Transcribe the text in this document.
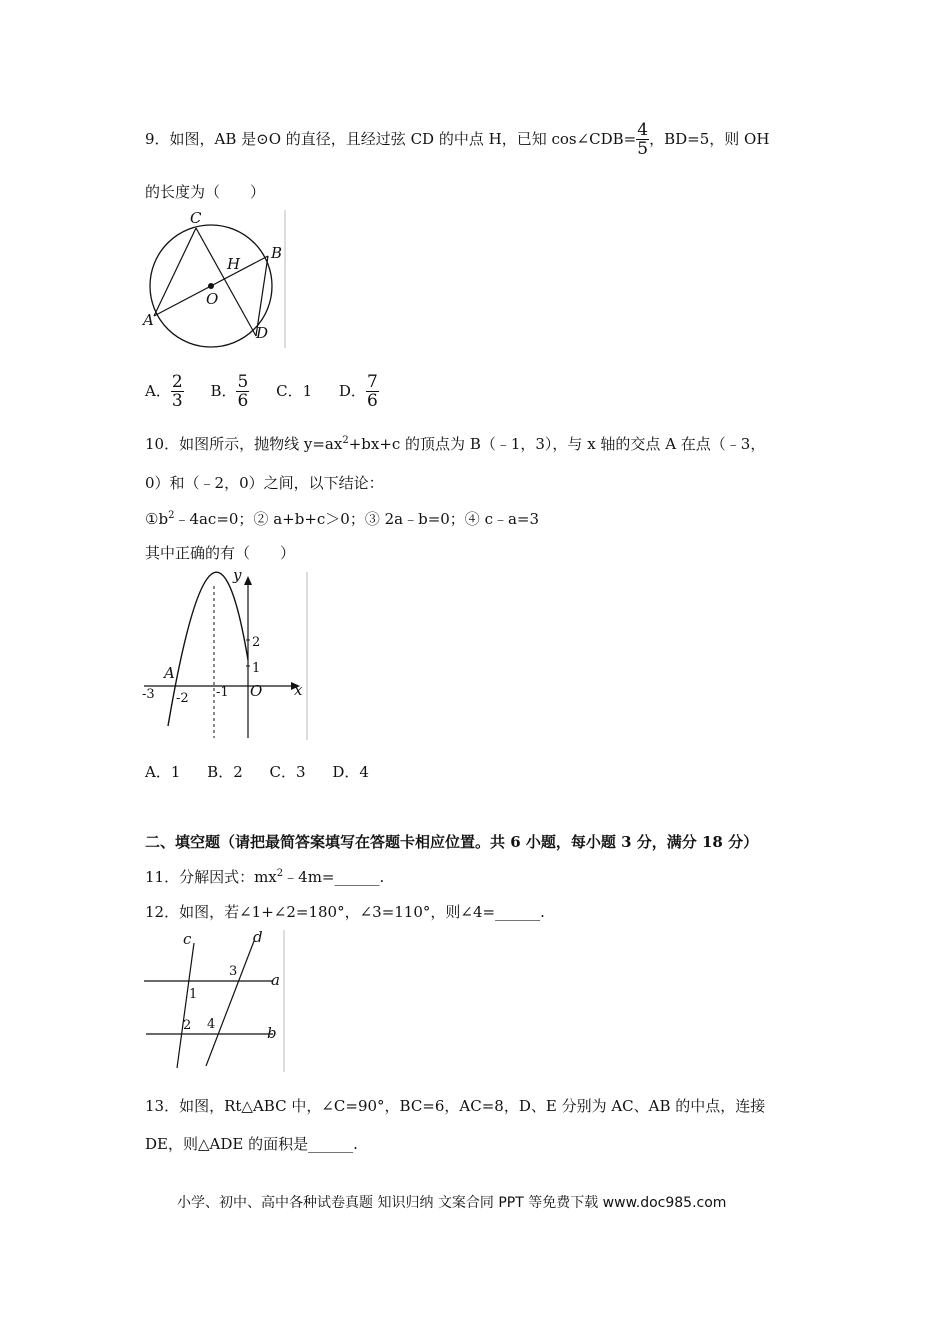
9．如图，AB 是⊙O 的直径，且经过弦 CD 的中点 H，已知 cos∠CDB= $\frac{4}{5}$ ，BD=5，则 OH
的长度为（　　）
C
B
H
O
A
D
A． $\frac{2}{3}$ B． $\frac{5}{6}$ C．1 D． $\frac{7}{6}$
10．如图所示，抛物线 $y=ax^2+bx+c$ 的顶点为 B（﹣1，3），与 x 轴的交点 A 在点（﹣3，
0）和（﹣2，0）之间，以下结论：
$①b^2﹣4ac=0$；② a+b+c＞0；③ 2a﹣b=0；④ c﹣a=3
其中正确的有（　　）
y
x
A
O
2
1
-3 -2 -1
A．1 B．2 C．3 D．4
二、填空题（请把最简答案填写在答题卡相应位置。共 6 小题，每小题 3 分，满分 18 分）
11．分解因式：$mx^2﹣4m=\_\_\_\_\_\_$.
12．如图，若∠1+∠2=180°，∠3=110°，则∠4=______.
c	d
a
b
1
2
3
4
13．如图，Rt△ABC 中，∠C=90°，BC=6，AC=8，D、E 分别为 AC、AB 的中点，连接
DE，则△ADE 的面积是______.
小学、初中、高中各种试卷真题 知识归纳 文案合同 PPT 等免费下载 www.doc985.com
